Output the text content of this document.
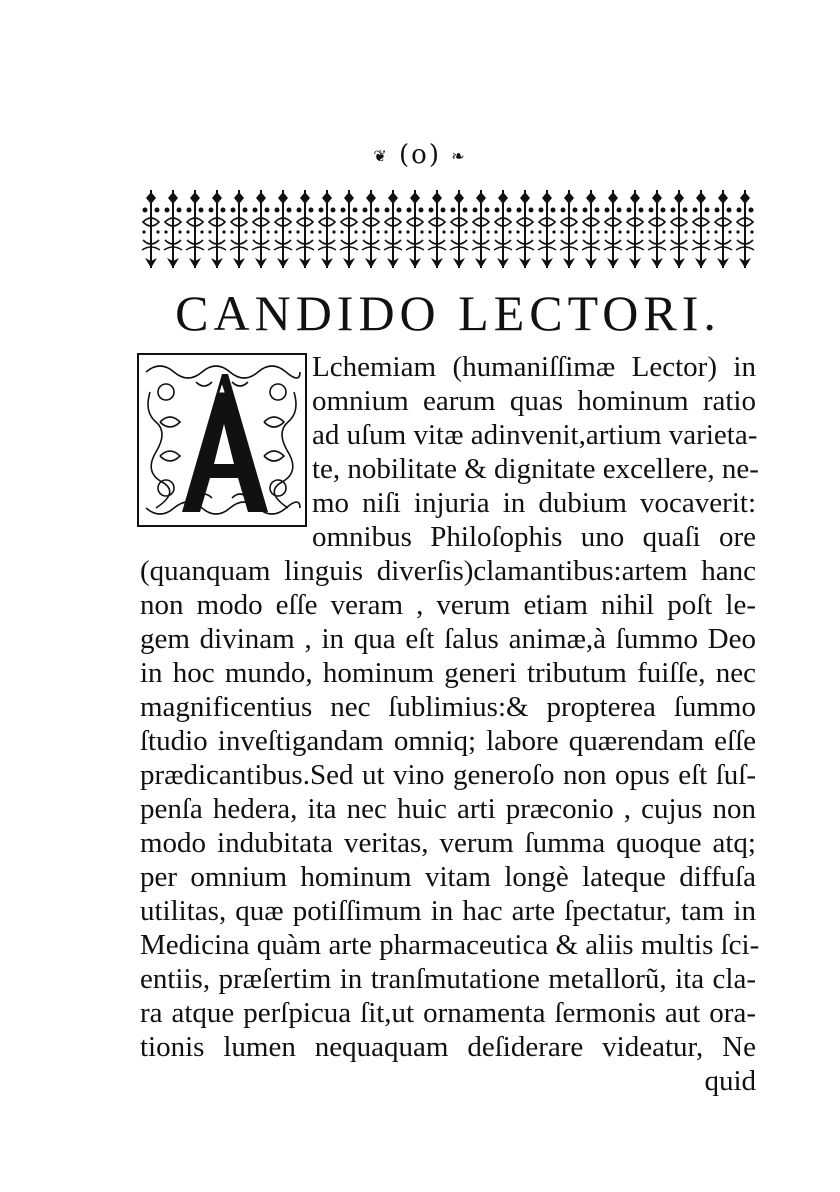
❦ (o) ❧
CANDIDO LECTORI.
Lchemiam (humaniſſimæ Lector) in
omnium earum quas hominum ratio
ad uſum vitæ adinvenit,artium varieta-
te, nobilitate & dignitate excellere, ne-
mo niſi injuria in dubium vocaverit:
omnibus Philoſophis uno quaſi ore
(quanquam linguis diverſis)clamantibus:artem hanc
non modo eſſe veram , verum etiam nihil poſt le-
gem divinam , in qua eſt ſalus animæ,à ſummo Deo
in hoc mundo, hominum generi tributum fuiſſe, nec
magnificentius nec ſublimius:& propterea ſummo
ſtudio inveſtigandam omniq; labore quærendam eſſe
prædicantibus.Sed ut vino generoſo non opus eſt ſuſ-
penſa hedera, ita nec huic arti præconio , cujus non
modo indubitata veritas, verum ſumma quoque atq;
per omnium hominum vitam longè lateque diffuſa
utilitas, quæ potiſſimum in hac arte ſpectatur, tam in
Medicina quàm arte pharmaceutica & aliis multis ſci-
entiis, præſertim in tranſmutatione metallorũ, ita cla-
ra atque perſpicua ſit,ut ornamenta ſermonis aut ora-
tionis lumen nequaquam deſiderare videatur, Ne
quid
